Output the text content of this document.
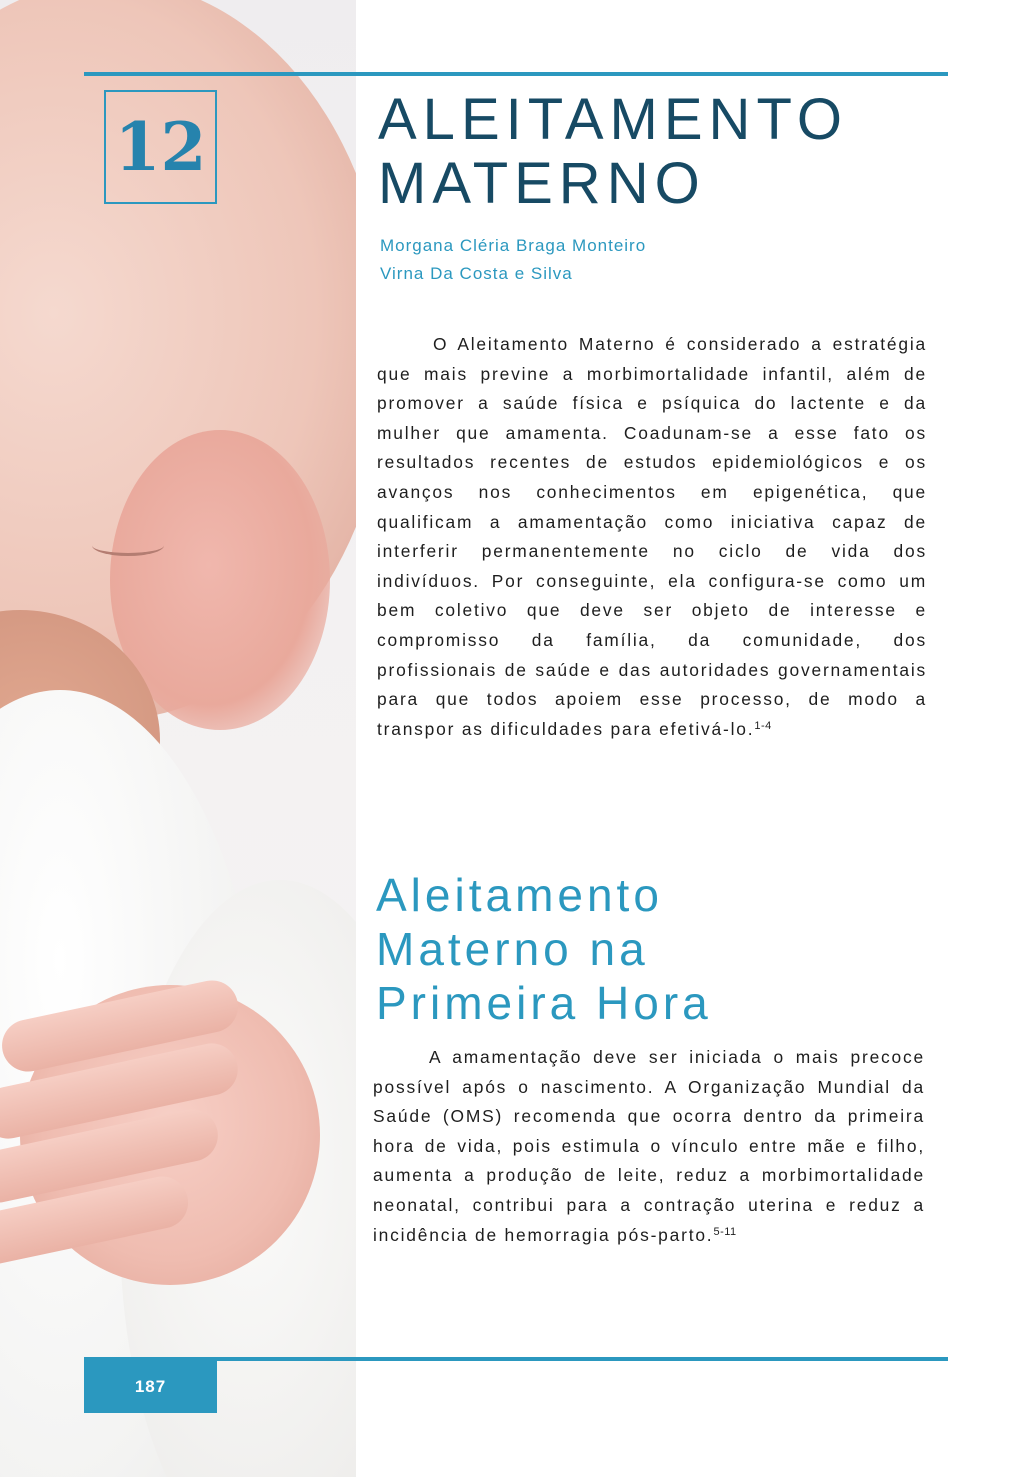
12	ALEITAMENTO
MATERNO
Morgana Cléria Braga Monteiro
Virna Da Costa e Silva

O Aleitamento Materno é considerado a estratégia que mais previne a morbimortalidade infantil, além de promover a saúde física e psíquica do lactente e da mulher que amamenta. Coadunam-se a esse fato os resultados recentes de estudos epidemiológicos e os avanços nos conhecimentos em epigenética, que qualificam a amamentação como iniciativa capaz de interferir permanentemente no ciclo de vida dos indivíduos. Por conseguinte, ela configura-se como um bem coletivo que deve ser objeto de interesse e compromisso da família, da comunidade, dos profissionais de saúde e das autoridades governamentais para que todos apoiem esse processo, de modo a transpor as dificuldades para efetivá-lo.$^{1-4}$

Aleitamento
Materno na
Primeira Hora

A amamentação deve ser iniciada o mais precoce possível após o nascimento. A Organização Mundial da Saúde (OMS) recomenda que ocorra dentro da primeira hora de vida, pois estimula o vínculo entre mãe e filho, aumenta a produção de leite, reduz a morbimortalidade neonatal, contribui para a contração uterina e reduz a incidência de hemorragia pós-parto.$^{5-11}$

187
